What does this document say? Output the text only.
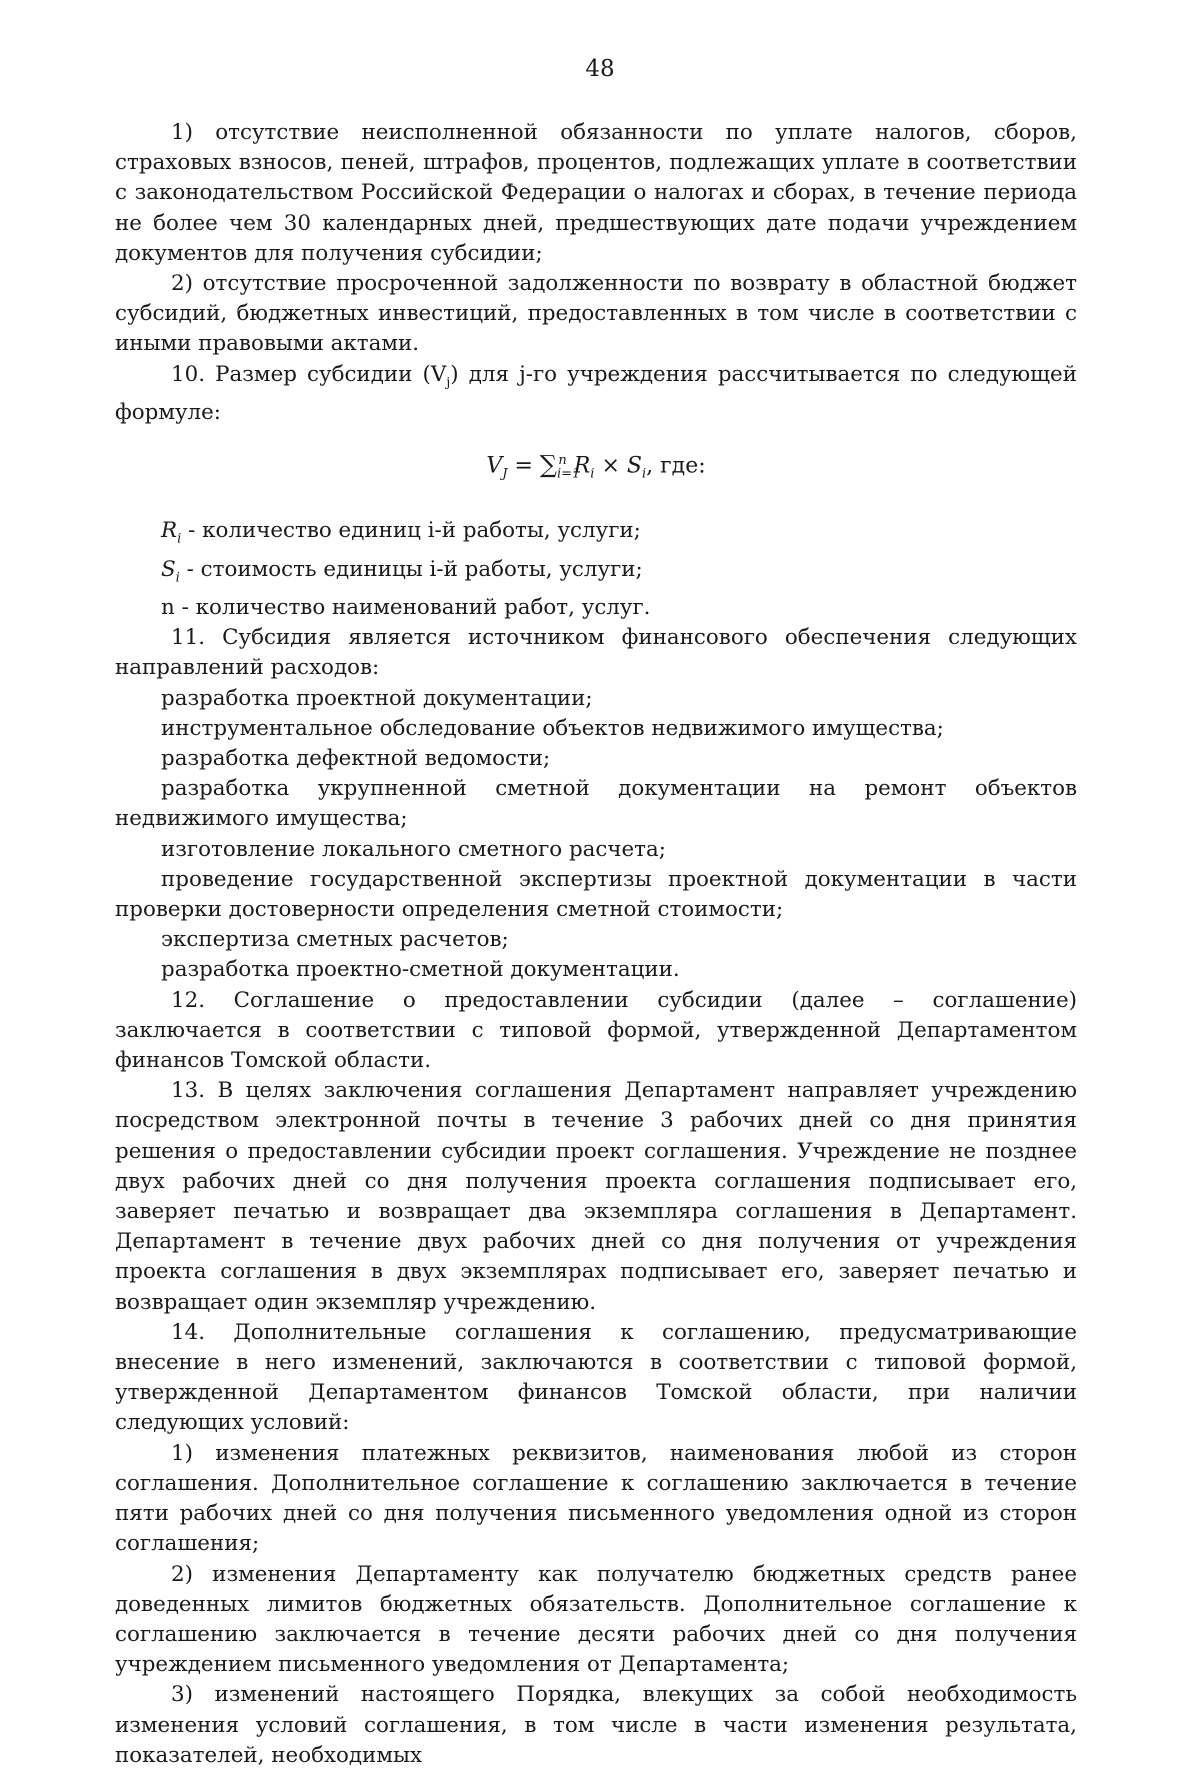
48

1) отсутствие неисполненной обязанности по уплате налогов, сборов, страховых взносов, пеней, штрафов, процентов, подлежащих уплате в соответствии с законодательством Российской Федерации о налогах и сборах, в течение периода не более чем 30 календарных дней, предшествующих дате подачи учреждением документов для получения субсидии;

2) отсутствие просроченной задолженности по возврату в областной бюджет субсидий, бюджетных инвестиций, предоставленных в том числе в соответствии с иными правовыми актами.

10. Размер субсидии $(V_j)$ для j-го учреждения рассчитывается по следующей формуле:

$V_J = \sum_{i=1}^n$ $R_i \times S_i$, где:

$R_i$ - количество единиц i-й работы, услуги;

$S_i$ - стоимость единицы i-й работы, услуги;

n - количество наименований работ, услуг.

11. Субсидия является источником финансового обеспечения следующих направлений расходов:

разработка проектной документации;

инструментальное обследование объектов недвижимого имущества;

разработка дефектной ведомости;

разработка укрупненной сметной документации на ремонт объектов недвижимого имущества;

изготовление локального сметного расчета;

проведение государственной экспертизы проектной документации в части проверки достоверности определения сметной стоимости;

экспертиза сметных расчетов;

разработка проектно-сметной документации.

12. Соглашение о предоставлении субсидии (далее – соглашение) заключается в соответствии с типовой формой, утвержденной Департаментом финансов Томской области.

13. В целях заключения соглашения Департамент направляет учреждению посредством электронной почты в течение 3 рабочих дней со дня принятия решения о предоставлении субсидии проект соглашения. Учреждение не позднее двух рабочих дней со дня получения проекта соглашения подписывает его, заверяет печатью и возвращает два экземпляра соглашения в Департамент. Департамент в течение двух рабочих дней со дня получения от учреждения проекта соглашения в двух экземплярах подписывает его, заверяет печатью и возвращает один экземпляр учреждению.

14. Дополнительные соглашения к соглашению, предусматривающие внесение в него изменений, заключаются в соответствии с типовой формой, утвержденной Департаментом финансов Томской области, при наличии следующих условий:

1) изменения платежных реквизитов, наименования любой из сторон соглашения. Дополнительное соглашение к соглашению заключается в течение пяти рабочих дней со дня получения письменного уведомления одной из сторон соглашения;

2) изменения Департаменту как получателю бюджетных средств ранее доведенных лимитов бюджетных обязательств. Дополнительное соглашение к соглашению заключается в течение десяти рабочих дней со дня получения учреждением письменного уведомления от Департамента;

3) изменений настоящего Порядка, влекущих за собой необходимость изменения условий соглашения, в том числе в части изменения результата, показателей, необходимых
